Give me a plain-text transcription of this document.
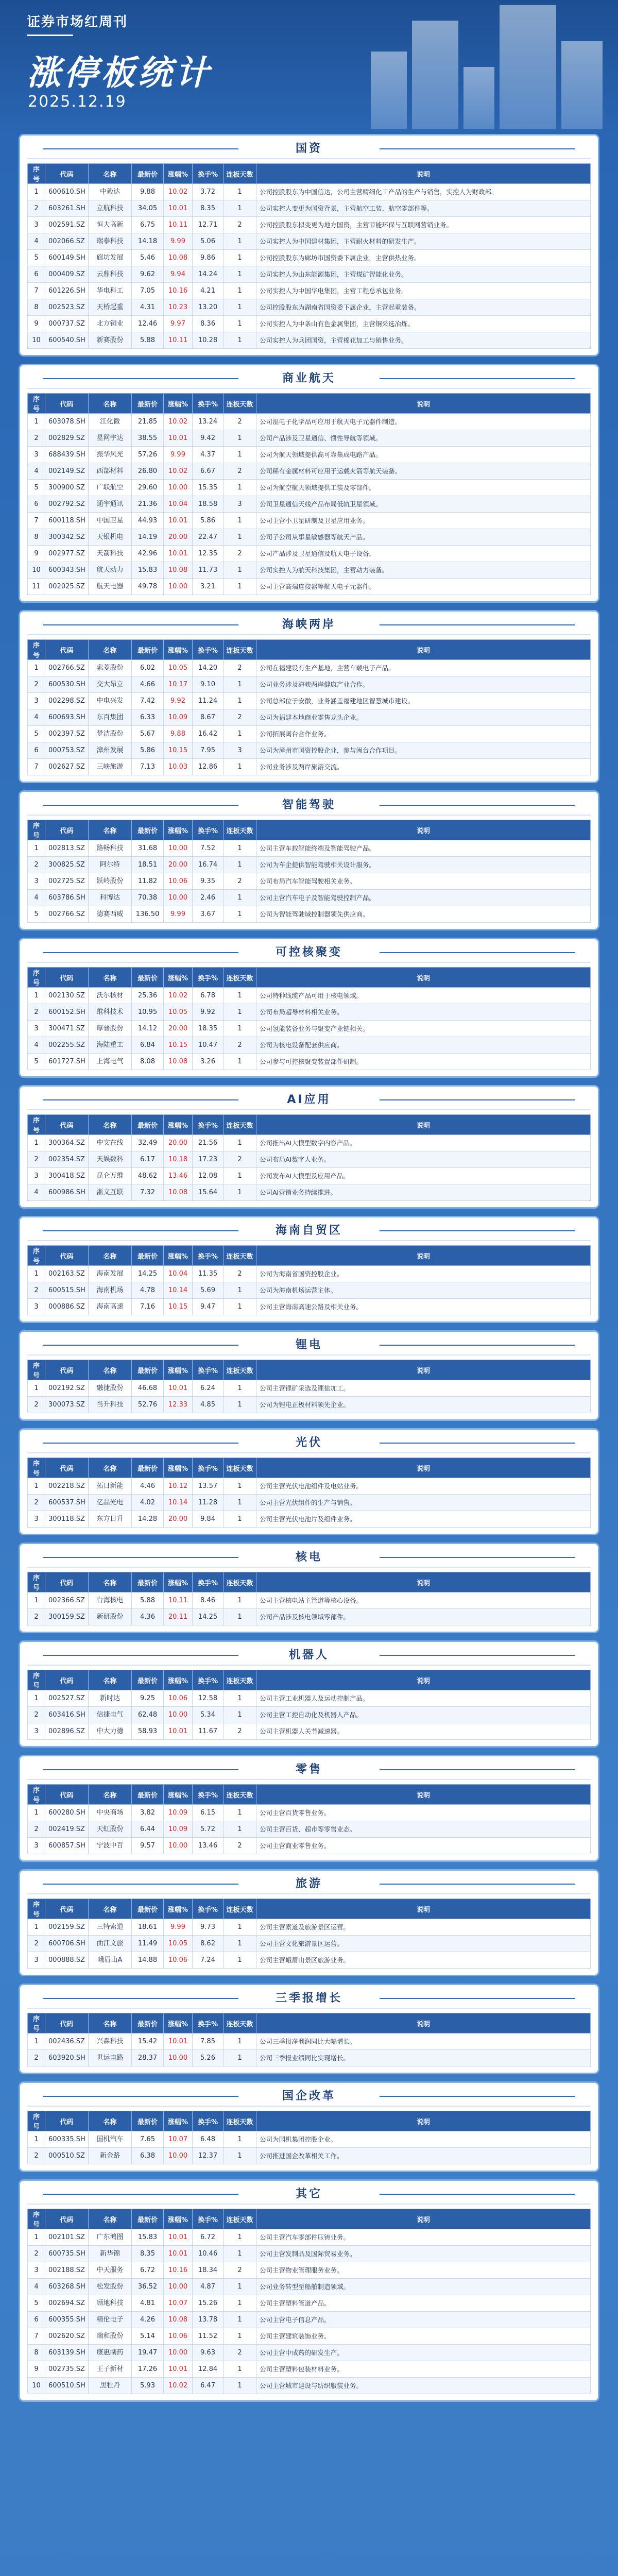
证券市场红周刊
涨停板统计
2025.12.19
国资
序号	代码	名称	最新价	涨幅%	换手%	连板天数	说明
1	600610.SH	中毅达	9.88	10.02	3.72	1	公司控股股东为中国信达，公司主营精细化工产品的生产与销售，实控人为财政部。
2	603261.SH	立航科技	34.05	10.01	8.35	1	公司实控人变更为国资背景，主营航空工装、航空零部件等。
3	002591.SZ	恒大高新	6.75	10.11	12.71	2	公司控股股东拟变更为地方国资，主营节能环保与互联网营销业务。
4	002066.SZ	瑞泰科技	14.18	9.99	5.06	1	公司实控人为中国建材集团，主营耐火材料的研发生产。
5	600149.SH	廊坊发展	5.46	10.08	9.86	1	公司控股股东为廊坊市国资委下属企业，主营供热业务。
6	000409.SZ	云鼎科技	9.62	9.94	14.24	1	公司实控人为山东能源集团，主营煤矿智能化业务。
7	601226.SH	华电科工	7.05	10.16	4.21	1	公司实控人为中国华电集团，主营工程总承包业务。
8	002523.SZ	天桥起重	4.31	10.23	13.20	1	公司控股股东为湖南省国资委下属企业，主营起重装备。
9	000737.SZ	北方铜业	12.46	9.97	8.36	1	公司实控人为中条山有色金属集团，主营铜采选冶炼。
10	600540.SH	新赛股份	5.88	10.11	10.28	1	公司实控人为兵团国资，主营棉花加工与销售业务。
商业航天
序号	代码	名称	最新价	涨幅%	换手%	连板天数	说明
1	603078.SH	江化微	21.85	10.02	13.24	2	公司湿电子化学品可应用于航天电子元器件制造。
2	002829.SZ	星网宇达	38.55	10.01	9.42	1	公司产品涉及卫星通信、惯性导航等领域。
3	688439.SH	振华风光	57.26	9.99	4.37	1	公司为航天领域提供高可靠集成电路产品。
4	002149.SZ	西部材料	26.80	10.02	6.67	2	公司稀有金属材料可应用于运载火箭等航天装备。
5	300900.SZ	广联航空	29.60	10.00	15.35	1	公司为航空航天领域提供工装及零部件。
6	002792.SZ	通宇通讯	21.36	10.04	18.58	3	公司卫星通信天线产品布局低轨卫星领域。
7	600118.SH	中国卫星	44.93	10.01	5.86	1	公司主营小卫星研制及卫星应用业务。
8	300342.SZ	天银机电	14.19	20.00	22.47	1	公司子公司从事星敏感器等航天产品。
9	002977.SZ	天箭科技	42.96	10.01	12.35	2	公司产品涉及卫星通信及航天电子设备。
10	600343.SH	航天动力	15.83	10.08	11.73	1	公司实控人为航天科技集团，主营动力装备。
11	002025.SZ	航天电器	49.78	10.00	3.21	1	公司主营高端连接器等航天电子元器件。
海峡两岸
序号	代码	名称	最新价	涨幅%	换手%	连板天数	说明
1	002766.SZ	索菱股份	6.02	10.05	14.20	2	公司在福建设有生产基地，主营车载电子产品。
2	600530.SH	交大昂立	4.66	10.17	9.10	1	公司业务涉及海峡两岸健康产业合作。
3	002298.SZ	中电兴发	7.42	9.92	11.24	1	公司总部位于安徽，业务涵盖福建地区智慧城市建设。
4	600693.SH	东百集团	6.33	10.09	8.67	2	公司为福建本地商业零售龙头企业。
5	002397.SZ	梦洁股份	5.67	9.88	16.42	1	公司拓展闽台合作业务。
6	000753.SZ	漳州发展	5.86	10.15	7.95	3	公司为漳州市国资控股企业，参与闽台合作项目。
7	002627.SZ	三峡旅游	7.13	10.03	12.86	1	公司业务涉及两岸旅游交流。
智能驾驶
序号	代码	名称	最新价	涨幅%	换手%	连板天数	说明
1	002813.SZ	路畅科技	31.68	10.00	7.52	1	公司主营车载智能终端及智能驾驶产品。
2	300825.SZ	阿尔特	18.51	20.00	16.74	1	公司为车企提供智能驾驶相关设计服务。
3	002725.SZ	跃岭股份	11.82	10.06	9.35	2	公司布局汽车智能驾驶相关业务。
4	603786.SH	科博达	70.38	10.00	2.46	1	公司主营汽车电子及智能驾驶控制产品。
5	002766.SZ	德赛西威	136.50	9.99	3.67	1	公司为智能驾驶域控制器领先供应商。
可控核聚变
序号	代码	名称	最新价	涨幅%	换手%	连板天数	说明
1	002130.SZ	沃尔核材	25.36	10.02	6.78	1	公司特种线缆产品可用于核电领域。
2	600152.SH	维科技术	10.95	10.05	9.92	1	公司布局超导材料相关业务。
3	300471.SZ	厚普股份	14.12	20.00	18.35	1	公司氢能装备业务与聚变产业链相关。
4	002255.SZ	海陆重工	6.84	10.15	10.47	2	公司为核电设备配套供应商。
5	601727.SH	上海电气	8.08	10.08	3.26	1	公司参与可控核聚变装置部件研制。
AI应用
序号	代码	名称	最新价	涨幅%	换手%	连板天数	说明
1	300364.SZ	中文在线	32.49	20.00	21.56	1	公司推出AI大模型数字内容产品。
2	002354.SZ	天娱数科	6.17	10.18	17.23	2	公司布局AI数字人业务。
3	300418.SZ	昆仑万维	48.62	13.46	12.08	1	公司发布AI大模型及应用产品。
4	600986.SH	浙文互联	7.32	10.08	15.64	1	公司AI营销业务持续推进。
海南自贸区
序号	代码	名称	最新价	涨幅%	换手%	连板天数	说明
1	002163.SZ	海南发展	14.25	10.04	11.35	2	公司为海南省国资控股企业。
2	600515.SH	海南机场	4.78	10.14	5.69	1	公司为海南机场运营主体。
3	000886.SZ	海南高速	7.16	10.15	9.47	1	公司主营海南高速公路及相关业务。
锂电
序号	代码	名称	最新价	涨幅%	换手%	连板天数	说明
1	002192.SZ	融捷股份	46.68	10.01	6.24	1	公司主营锂矿采选及锂盐加工。
2	300073.SZ	当升科技	52.76	12.33	4.85	1	公司为锂电正极材料领先企业。
光伏
序号	代码	名称	最新价	涨幅%	换手%	连板天数	说明
1	002218.SZ	拓日新能	4.46	10.12	13.57	1	公司主营光伏电池组件及电站业务。
2	600537.SH	亿晶光电	4.02	10.14	11.28	1	公司主营光伏组件的生产与销售。
3	300118.SZ	东方日升	14.28	20.00	9.84	1	公司主营光伏电池片及组件业务。
核电
序号	代码	名称	最新价	涨幅%	换手%	连板天数	说明
1	002366.SZ	台海核电	5.88	10.11	8.46	1	公司主营核电站主管道等核心设备。
2	300159.SZ	新研股份	4.36	20.11	14.25	1	公司产品涉及核电领域零部件。
机器人
序号	代码	名称	最新价	涨幅%	换手%	连板天数	说明
1	002527.SZ	新时达	9.25	10.06	12.58	1	公司主营工业机器人及运动控制产品。
2	603416.SH	信捷电气	62.48	10.00	5.34	1	公司主营工控自动化及机器人产品。
3	002896.SZ	中大力德	58.93	10.01	11.67	2	公司主营机器人关节减速器。
零售
序号	代码	名称	最新价	涨幅%	换手%	连板天数	说明
1	600280.SH	中央商场	3.82	10.09	6.15	1	公司主营百货零售业务。
2	002419.SZ	天虹股份	6.44	10.09	5.72	1	公司主营百货、超市等零售业态。
3	600857.SH	宁波中百	9.57	10.00	13.46	2	公司主营商业零售业务。
旅游
序号	代码	名称	最新价	涨幅%	换手%	连板天数	说明
1	002159.SZ	三特索道	18.61	9.99	9.73	1	公司主营索道及旅游景区运营。
2	600706.SH	曲江文旅	11.49	10.05	8.62	1	公司主营文化旅游景区运营。
3	000888.SZ	峨眉山A	14.88	10.06	7.24	1	公司主营峨眉山景区旅游业务。
三季报增长
序号	代码	名称	最新价	涨幅%	换手%	连板天数	说明
1	002436.SZ	兴森科技	15.42	10.01	7.85	1	公司三季报净利润同比大幅增长。
2	603920.SH	世运电路	28.37	10.00	5.26	1	公司三季报业绩同比实现增长。
国企改革
序号	代码	名称	最新价	涨幅%	换手%	连板天数	说明
1	600335.SH	国机汽车	7.65	10.07	6.48	1	公司为国机集团控股企业。
2	000510.SZ	新金路	6.38	10.00	12.37	1	公司推进国企改革相关工作。
其它
序号	代码	名称	最新价	涨幅%	换手%	连板天数	说明
1	002101.SZ	广东鸿图	15.83	10.01	6.72	1	公司主营汽车零部件压铸业务。
2	600735.SH	新华锦	8.35	10.01	10.46	1	公司主营发制品及国际贸易业务。
3	002188.SZ	中天服务	6.72	10.16	18.34	2	公司主营物业管理服务业务。
4	603268.SH	松发股份	36.52	10.00	4.87	1	公司业务转型至船舶制造领域。
5	002694.SZ	顾地科技	4.81	10.07	15.26	1	公司主营塑料管道产品。
6	600355.SH	精伦电子	4.26	10.08	13.78	1	公司主营电子信息产品。
7	002620.SZ	瑞和股份	5.14	10.06	11.52	1	公司主营建筑装饰业务。
8	603139.SH	康惠制药	19.47	10.00	9.63	2	公司主营中成药的研发生产。
9	002735.SZ	王子新材	17.26	10.01	12.84	1	公司主营塑料包装材料业务。
10	600510.SH	黑牡丹	5.93	10.02	6.47	1	公司主营城市建设与纺织服装业务。
